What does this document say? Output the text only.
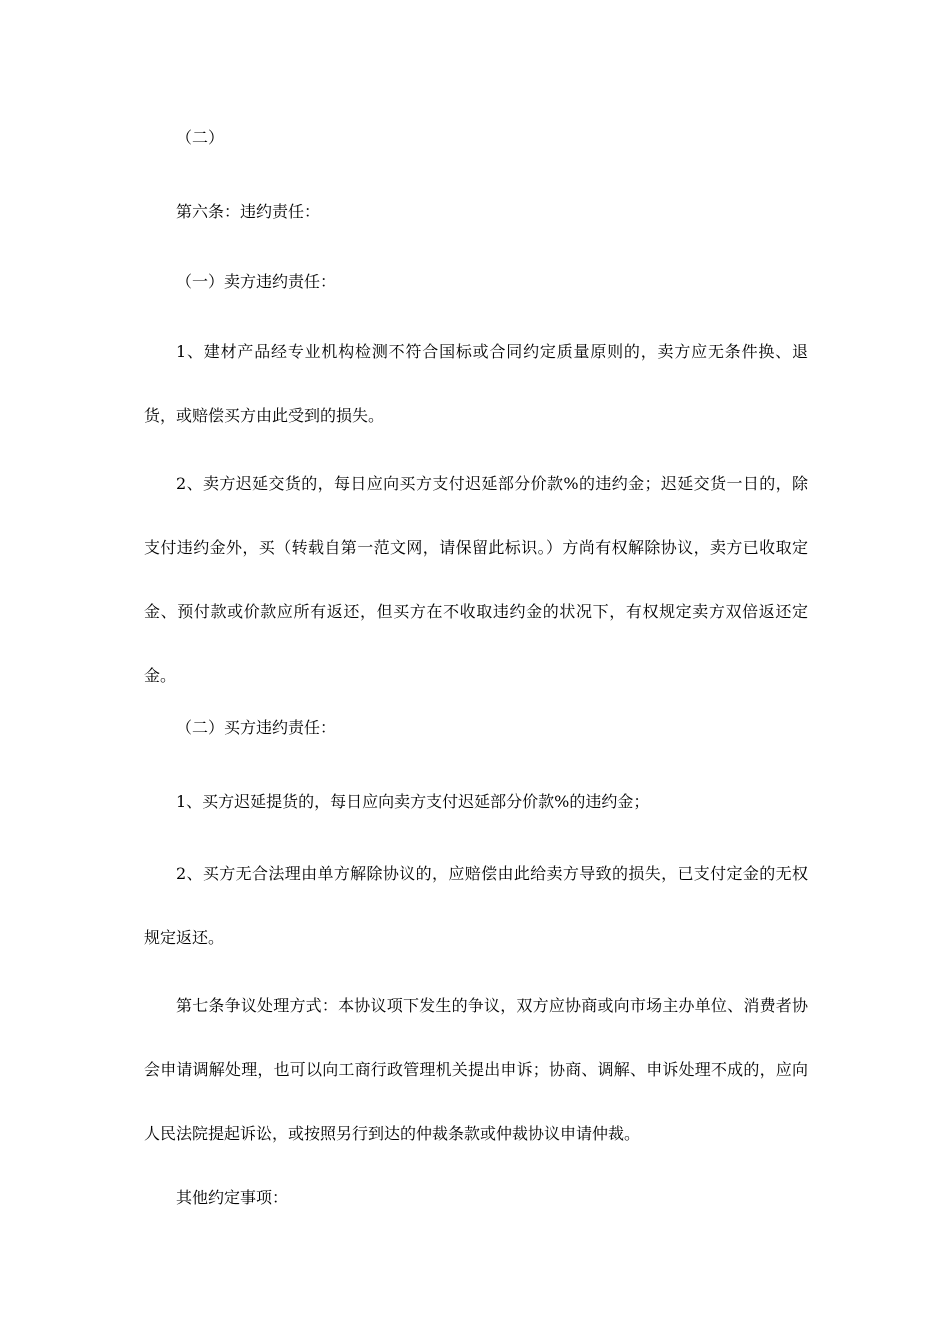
（二）

第六条：违约责任：

（一）卖方违约责任：

1、建材产品经专业机构检测不符合国标或合同约定质量原则的，卖方应无条件换、退货，或赔偿买方由此受到的损失。

2、卖方迟延交货的，每日应向买方支付迟延部分价款%的违约金；迟延交货一日的，除支付违约金外，买（转载自第一范文网，请保留此标识。）方尚有权解除协议，卖方已收取定金、预付款或价款应所有返还，但买方在不收取违约金的状况下，有权规定卖方双倍返还定金。

（二）买方违约责任：

1、买方迟延提货的，每日应向卖方支付迟延部分价款%的违约金；

2、买方无合法理由单方解除协议的，应赔偿由此给卖方导致的损失，已支付定金的无权规定返还。

第七条争议处理方式：本协议项下发生的争议，双方应协商或向市场主办单位、消费者协会申请调解处理，也可以向工商行政管理机关提出申诉；协商、调解、申诉处理不成的，应向人民法院提起诉讼，或按照另行到达的仲裁条款或仲裁协议申请仲裁。

其他约定事项：
